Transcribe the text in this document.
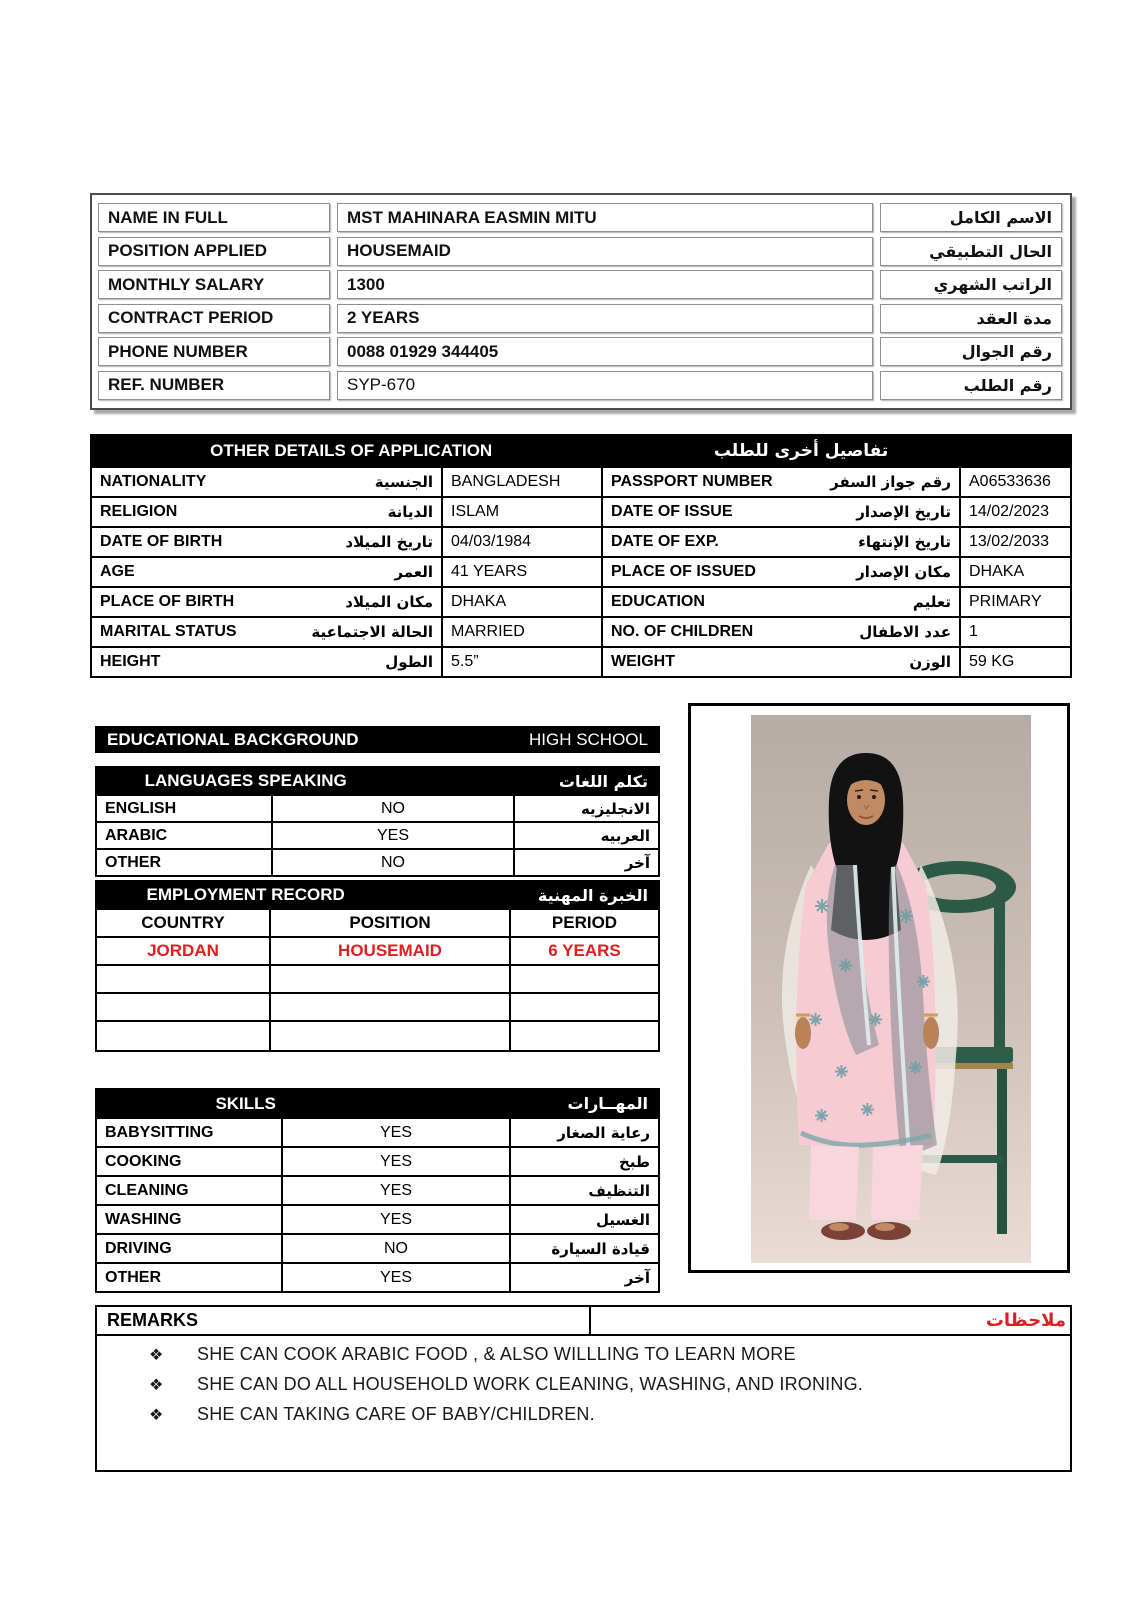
NAME IN FULL	MST MAHINARA EASMIN MITU	الاسم الكامل
POSITION APPLIED	HOUSEMAID	الحال التطبيقي
MONTHLY SALARY	1300	الراتب الشهري
CONTRACT PERIOD	2 YEARS	مدة العقد
PHONE NUMBER	0088 01929 344405	رقم الجوال
REF. NUMBER	SYP-670	رقم الطلب
OTHER DETAILS OF APPLICATION	تفاصيل أخرى للطلب
NATIONALITY	الجنسية	BANGLADESH	PASSPORT NUMBER	رقم جواز السفر	A06533636
RELIGION	الديانة	ISLAM	DATE OF ISSUE	تاريخ الإصدار	14/02/2023
DATE OF BIRTH	تاريخ الميلاد	04/03/1984	DATE OF EXP.	تاريخ الإنتهاء	13/02/2033
AGE	العمر	41 YEARS	PLACE OF ISSUED	مكان الإصدار	DHAKA
PLACE OF BIRTH	مكان الميلاد	DHAKA	EDUCATION	تعليم	PRIMARY
MARITAL STATUS	الحالة الاجتماعية	MARRIED	NO. OF CHILDREN	عدد الاطفال	1
HEIGHT	الطول	5.5”	WEIGHT	الوزن	59 KG
EDUCATIONAL BACKGROUND	HIGH SCHOOL
LANGUAGES SPEAKING	تكلم اللغات
ENGLISH	NO	الانجليزيه
ARABIC	YES	العربيه
OTHER	NO	آخر
EMPLOYMENT RECORD	الخبرة المهنية
COUNTRY	POSITION	PERIOD
JORDAN	HOUSEMAID	6 YEARS
SKILLS	المهــارات
BABYSITTING	YES	رعاية الصغار
COOKING	YES	طبخ
CLEANING	YES	التنظيف
WASHING	YES	الغسيل
DRIVING	NO	قيادة السيارة
OTHER	YES	آخر
REMARKS	ملاحظات
❖	SHE CAN COOK ARABIC FOOD , & ALSO WILLLING TO LEARN MORE
❖	SHE CAN DO ALL HOUSEHOLD WORK CLEANING, WASHING, AND IRONING.
❖	SHE CAN TAKING CARE OF BABY/CHILDREN.
